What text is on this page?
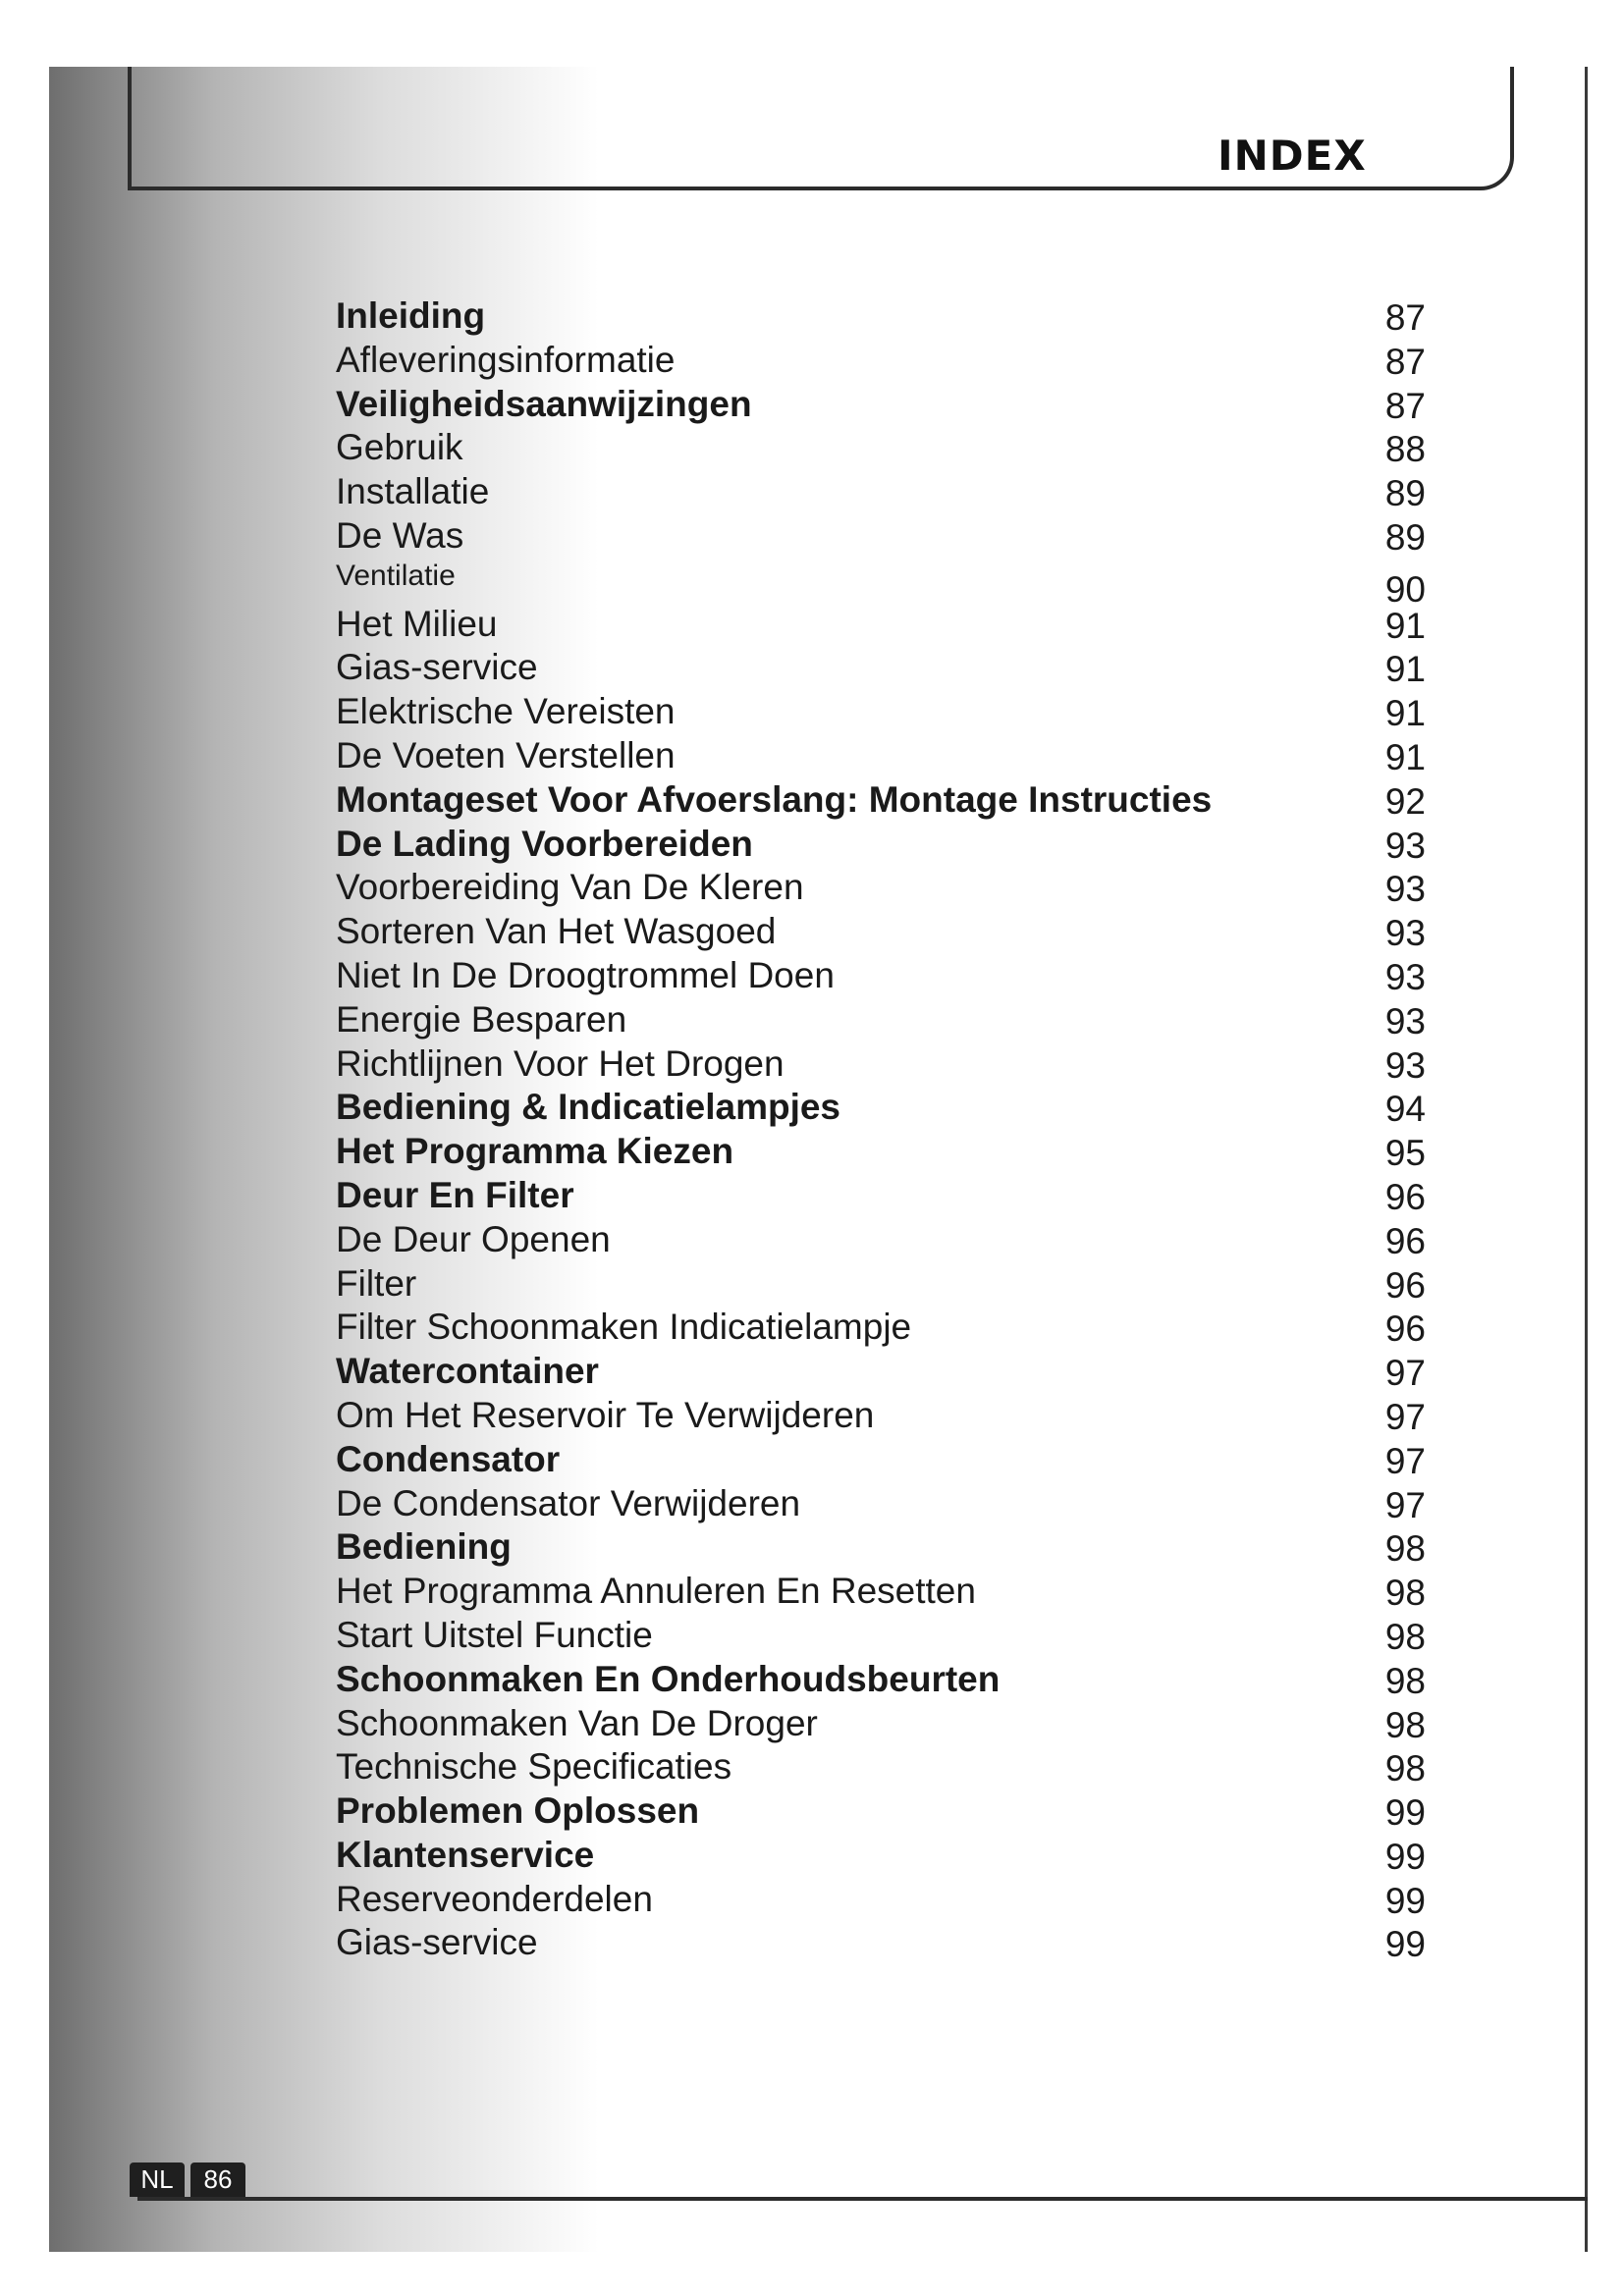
INDEX
Inleiding	87
Afleveringsinformatie	87
Veiligheidsaanwijzingen	87
Gebruik	88
Installatie	89
De Was	89
Ventilatie	90
Het Milieu	91
Gias-service	91
Elektrische Vereisten	91
De Voeten Verstellen	91
Montageset Voor Afvoerslang: Montage Instructies	92
De Lading Voorbereiden	93
Voorbereiding Van De Kleren	93
Sorteren Van Het Wasgoed	93
Niet In De Droogtrommel Doen	93
Energie Besparen	93
Richtlijnen Voor Het Drogen	93
Bediening & Indicatielampjes	94
Het Programma Kiezen	95
Deur En Filter	96
De Deur Openen	96
Filter	96
Filter Schoonmaken Indicatielampje	96
Watercontainer	97
Om Het Reservoir Te Verwijderen	97
Condensator	97
De Condensator Verwijderen	97
Bediening	98
Het Programma Annuleren En Resetten	98
Start Uitstel Functie	98
Schoonmaken En Onderhoudsbeurten	98
Schoonmaken Van De Droger	98
Technische Specificaties	98
Problemen Oplossen	99
Klantenservice	99
Reserveonderdelen	99
Gias-service	99
NL	86
